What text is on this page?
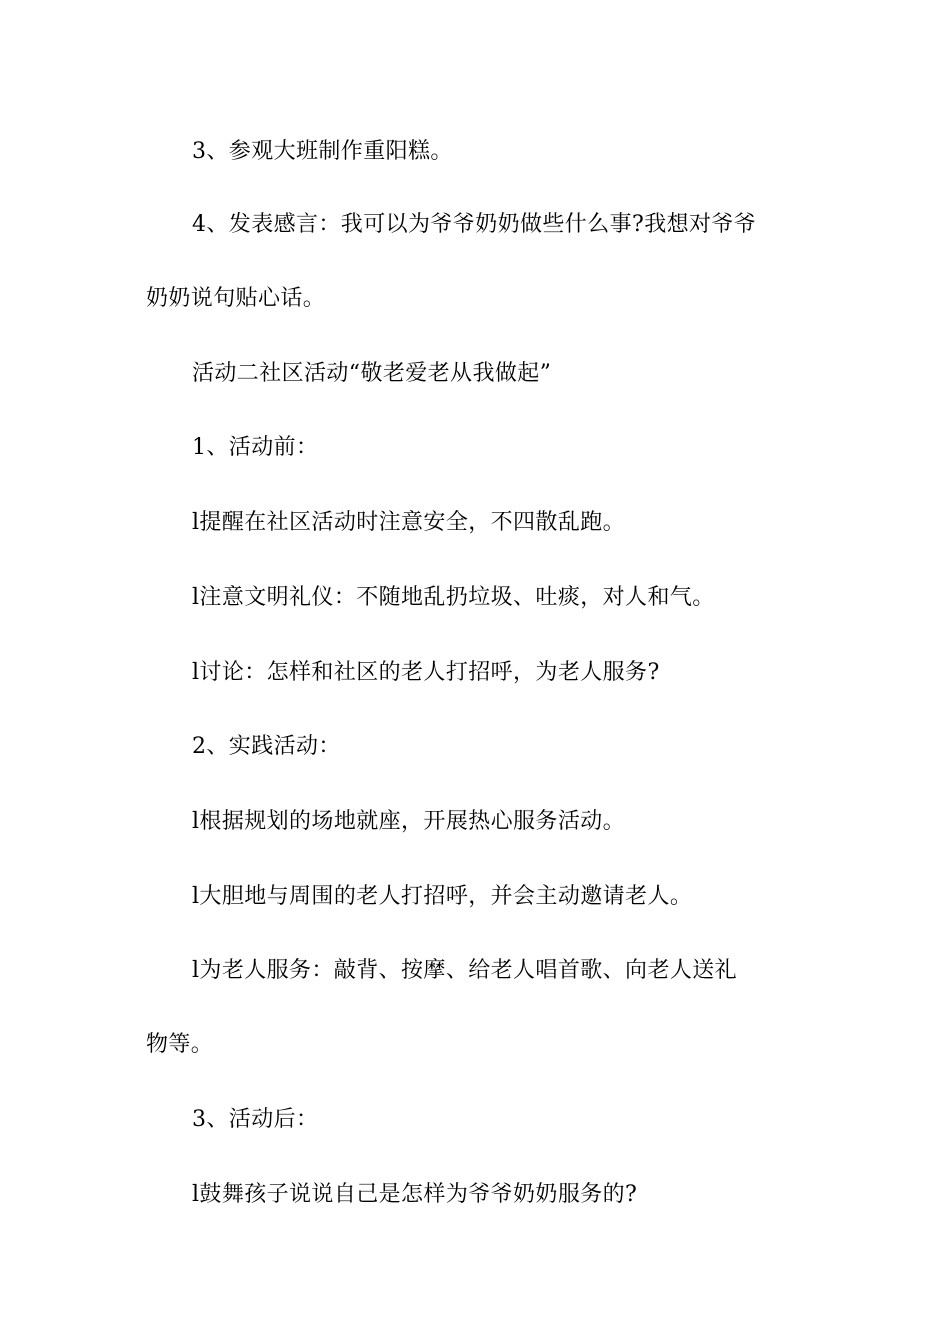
3、参观大班制作重阳糕。
4、发表感言：我可以为爷爷奶奶做些什么事?我想对爷爷
奶奶说句贴心话。
活动二社区活动“敬老爱老从我做起”
1、活动前：
l提醒在社区活动时注意安全，不四散乱跑。
l注意文明礼仪：不随地乱扔垃圾、吐痰，对人和气。
l讨论：怎样和社区的老人打招呼，为老人服务?
2、实践活动：
l根据规划的场地就座，开展热心服务活动。
l大胆地与周围的老人打招呼，并会主动邀请老人。
l为老人服务：敲背、按摩、给老人唱首歌、向老人送礼
物等。
3、活动后：
l鼓舞孩子说说自己是怎样为爷爷奶奶服务的?
